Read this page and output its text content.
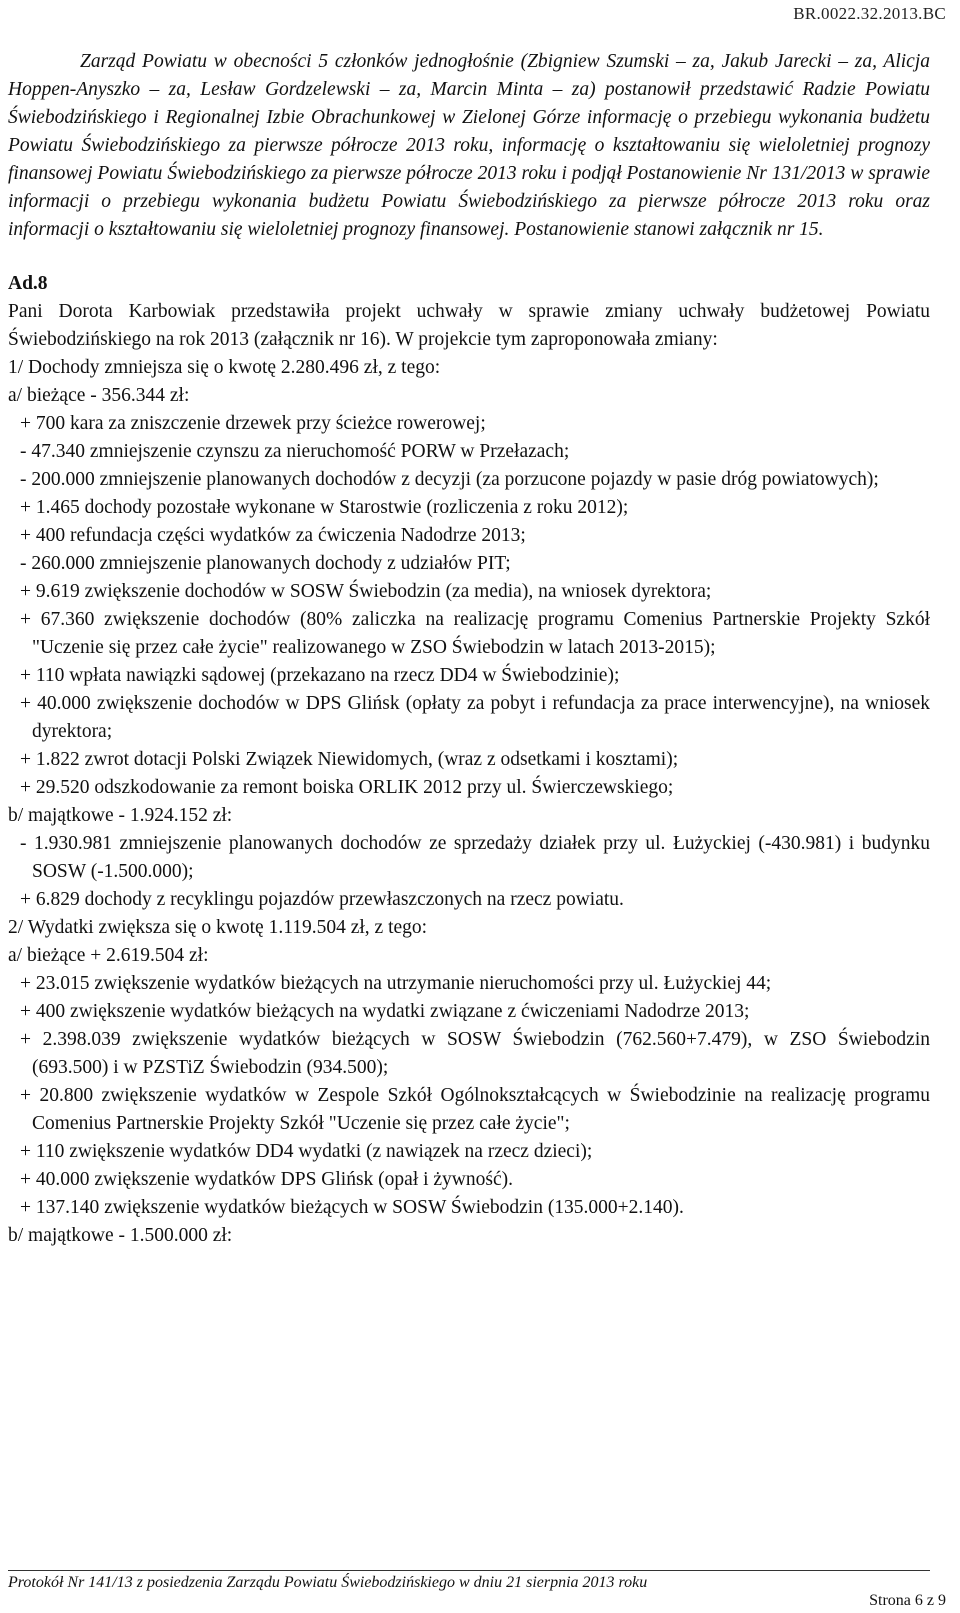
BR.0022.32.2013.BC

Zarząd Powiatu w obecności 5 członków jednogłośnie (Zbigniew Szumski – za, Jakub Jarecki – za, Alicja Hoppen-Anyszko – za, Lesław Gordzelewski – za, Marcin Minta – za) postanowił przedstawić Radzie Powiatu Świebodzińskiego i Regionalnej Izbie Obrachunkowej w Zielonej Górze informację o przebiegu wykonania budżetu Powiatu Świebodzińskiego za pierwsze półrocze 2013 roku, informację o kształtowaniu się wieloletniej prognozy finansowej Powiatu Świebodzińskiego za pierwsze półrocze 2013 roku i podjął Postanowienie Nr 131/2013 w sprawie informacji o przebiegu wykonania budżetu Powiatu Świebodzińskiego za pierwsze półrocze 2013 roku oraz informacji o kształtowaniu się wieloletniej prognozy finansowej. Postanowienie stanowi załącznik nr 15.

Ad.8

Pani Dorota Karbowiak przedstawiła projekt uchwały w sprawie zmiany uchwały budżetowej Powiatu Świebodzińskiego na rok 2013 (załącznik nr 16). W projekcie tym zaproponowała zmiany:

1/ Dochody zmniejsza się o kwotę 2.280.496 zł, z tego:

a/ bieżące - 356.344 zł:

+ 700 kara za zniszczenie drzewek przy ścieżce rowerowej;

- 47.340 zmniejszenie czynszu za nieruchomość PORW w Przełazach;

- 200.000 zmniejszenie planowanych dochodów z decyzji (za porzucone pojazdy w pasie dróg powiatowych);

+ 1.465 dochody pozostałe wykonane w Starostwie (rozliczenia z roku 2012);

+ 400 refundacja części wydatków za ćwiczenia Nadodrze 2013;

- 260.000 zmniejszenie planowanych dochody z udziałów PIT;

+ 9.619 zwiększenie dochodów w SOSW Świebodzin (za media), na wniosek dyrektora;

+ 67.360 zwiększenie dochodów (80% zaliczka na realizację programu Comenius Partnerskie Projekty Szkół "Uczenie się przez całe życie" realizowanego w ZSO Świebodzin w latach 2013-2015);

+ 110 wpłata nawiązki sądowej (przekazano na rzecz DD4 w Świebodzinie);

+ 40.000 zwiększenie dochodów w DPS Glińsk (opłaty za pobyt i refundacja za prace interwencyjne), na wniosek dyrektora;

+ 1.822 zwrot dotacji Polski Związek Niewidomych, (wraz z odsetkami i kosztami);

+ 29.520 odszkodowanie za remont boiska ORLIK 2012 przy ul. Świerczewskiego;

b/ majątkowe - 1.924.152 zł:

- 1.930.981 zmniejszenie planowanych dochodów ze sprzedaży działek przy ul. Łużyckiej (-430.981) i budynku SOSW (-1.500.000);

+ 6.829 dochody z recyklingu pojazdów przewłaszczonych na rzecz powiatu.

2/ Wydatki zwiększa się o kwotę 1.119.504 zł, z tego:

a/ bieżące + 2.619.504 zł:

+ 23.015 zwiększenie wydatków bieżących na utrzymanie nieruchomości przy ul. Łużyckiej 44;

+ 400 zwiększenie wydatków bieżących na wydatki związane z ćwiczeniami Nadodrze 2013;

+ 2.398.039 zwiększenie wydatków bieżących w SOSW Świebodzin (762.560+7.479), w ZSO Świebodzin (693.500) i w PZSTiZ Świebodzin (934.500);

+ 20.800 zwiększenie wydatków w Zespole Szkół Ogólnokształcących w Świebodzinie na realizację programu Comenius Partnerskie Projekty Szkół "Uczenie się przez całe życie";

+ 110 zwiększenie wydatków DD4 wydatki (z nawiązek na rzecz dzieci);

+ 40.000 zwiększenie wydatków DPS Glińsk (opał i żywność).

+ 137.140 zwiększenie wydatków bieżących w SOSW Świebodzin (135.000+2.140).

b/ majątkowe - 1.500.000 zł:

Protokół Nr 141/13 z posiedzenia Zarządu Powiatu Świebodzińskiego w dniu 21 sierpnia 2013 roku
Strona 6 z 9
